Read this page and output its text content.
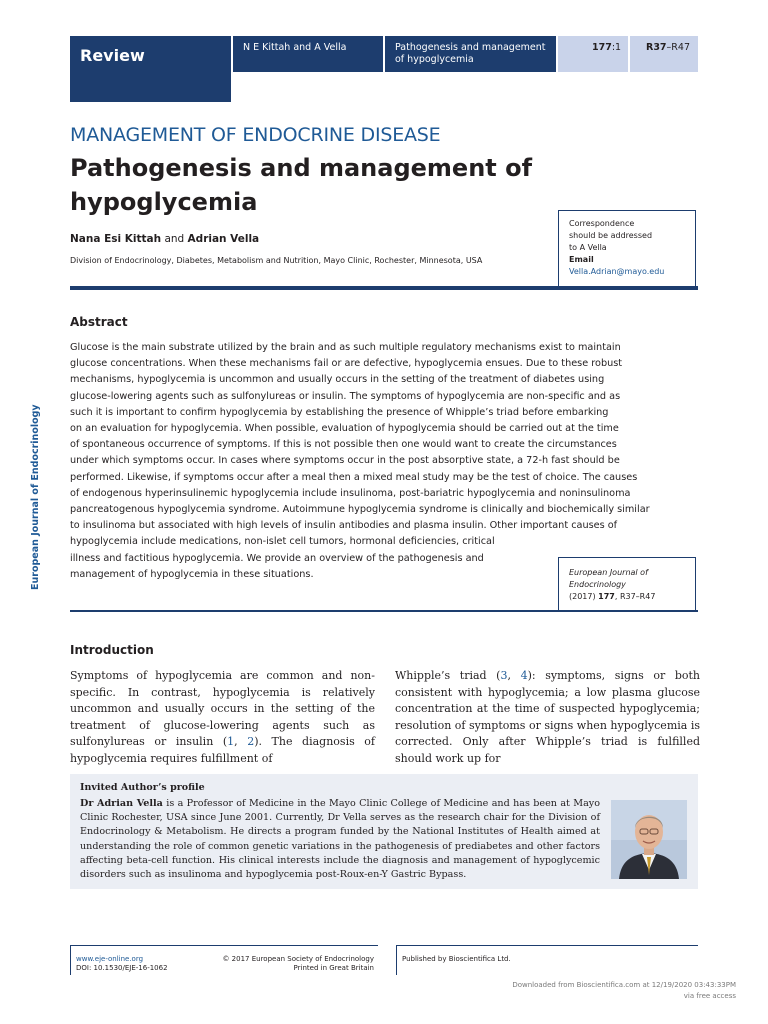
Review	N E Kittah and A Vella	Pathogenesis and management
of hypoglycemia
177:1	R37–R47
MANAGEMENT OF ENDOCRINE DISEASE
Pathogenesis and management of hypoglycemia
Nana Esi Kittah and Adrian Vella
Division of Endocrinology, Diabetes, Metabolism and Nutrition, Mayo Clinic, Rochester, Minnesota, USA
Correspondence
should be addressed
to A Vella
Email
Vella.Adrian@mayo.edu
Abstract
Glucose is the main substrate utilized by the brain and as such multiple regulatory mechanisms exist to maintain
glucose concentrations. When these mechanisms fail or are defective, hypoglycemia ensues. Due to these robust
mechanisms, hypoglycemia is uncommon and usually occurs in the setting of the treatment of diabetes using
glucose-lowering agents such as sulfonylureas or insulin. The symptoms of hypoglycemia are non-specific and as
such it is important to confirm hypoglycemia by establishing the presence of Whipple’s triad before embarking
on an evaluation for hypoglycemia. When possible, evaluation of hypoglycemia should be carried out at the time
of spontaneous occurrence of symptoms. If this is not possible then one would want to create the circumstances
under which symptoms occur. In cases where symptoms occur in the post absorptive state, a 72-h fast should be
performed. Likewise, if symptoms occur after a meal then a mixed meal study may be the test of choice. The causes
of endogenous hyperinsulinemic hypoglycemia include insulinoma, post-bariatric hypoglycemia and noninsulinoma
pancreatogenous hypoglycemia syndrome. Autoimmune hypoglycemia syndrome is clinically and biochemically similar
to insulinoma but associated with high levels of insulin antibodies and plasma insulin. Other important causes of
hypoglycemia include medications, non-islet cell tumors, hormonal deficiencies, critical
illness and factitious hypoglycemia. We provide an overview of the pathogenesis and
management of hypoglycemia in these situations.	European Journal of
Endocrinology
(2017) 177, R37–R47
European Journal of Endocrinology
Introduction
Symptoms of hypoglycemia are common and non-specific. In contrast, hypoglycemia is relatively uncommon and usually occurs in the setting of the treatment of glucose-lowering agents such as sulfonylureas or insulin (1, 2). The diagnosis of hypoglycemia requires fulfillment of
Whipple’s triad (3, 4): symptoms, signs or both consistent with hypoglycemia; a low plasma glucose concentration at the time of suspected hypoglycemia; resolution of symptoms or signs when hypoglycemia is corrected. Only after Whipple’s triad is fulfilled should work up for
Invited Author’s profile
Dr Adrian Vella is a Professor of Medicine in the Mayo Clinic College of Medicine and has been at Mayo Clinic Rochester, USA since June 2001. Currently, Dr Vella serves as the research chair for the Division of Endocrinology & Metabolism. He directs a program funded by the National Institutes of Health aimed at understanding the role of common genetic variations in the pathogenesis of prediabetes and other factors affecting beta-cell function. His clinical interests include the diagnosis and management of hypoglycemic disorders such as insulinoma and hypoglycemia post-Roux-en-Y Gastric Bypass.
www.eje-online.org
DOI: 10.1530/EJE-16-1062
© 2017 European Society of Endocrinology
Printed in Great Britain
Published by Bioscientifica Ltd.
Downloaded from Bioscientifica.com at 12/19/2020 03:43:33PM
via free access
